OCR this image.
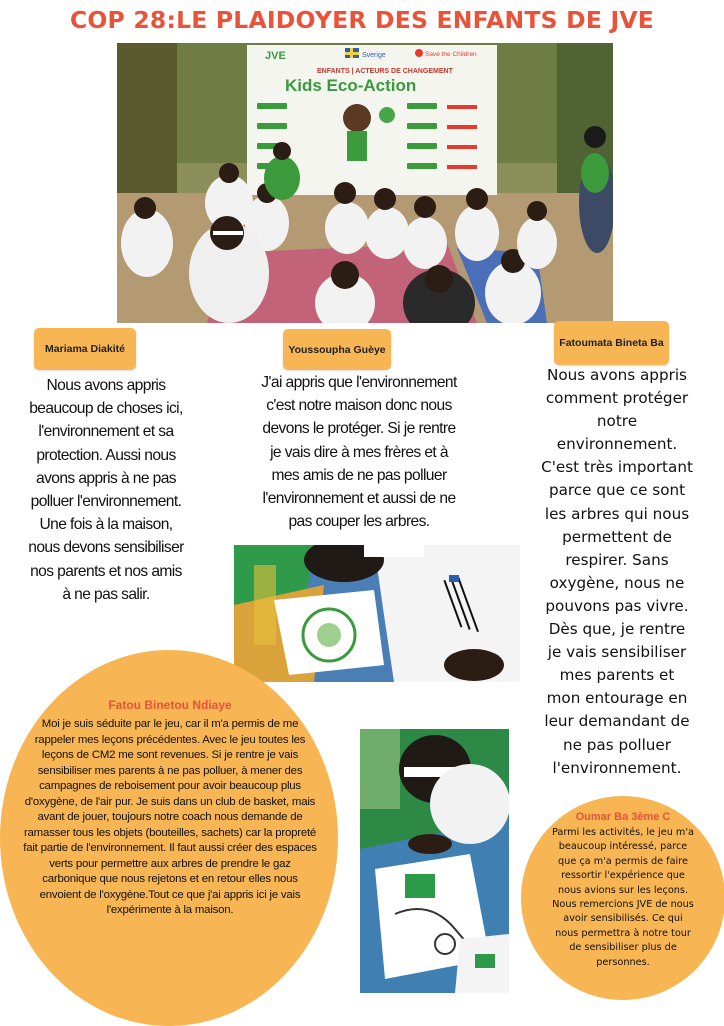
COP 28:LE PLAIDOYER DES ENFANTS DE JVE
JVE	Sverige	Save the Children
ENFANTS | ACTEURS DE CHANGEMENT
Kids Eco-Action
Mariama Diakité	Youssoupha Guèye
Fatoumata Bineta Ba
Nous avons appris
beaucoup de choses ici,
l'environnement et sa
protection. Aussi nous
avons appris à ne pas
polluer l'environnement.
Une fois à la maison,
nous devons sensibiliser
nos parents et nos amis
à ne pas salir.
J'ai appris que l'environnement
c'est notre maison donc nous
devons le protéger. Si je rentre
je vais dire à mes frères et à
mes amis de ne pas polluer
l'environnement et aussi de ne
pas couper les arbres.
Nous avons appris
comment protéger
notre
environnement.
C'est très important
parce que ce sont
les arbres qui nous
permettent de
respirer. Sans
oxygène, nous ne
pouvons pas vivre.
Dès que, je rentre
je vais sensibiliser
mes parents et
mon entourage en
leur demandant de
ne pas polluer
l'environnement.
Fatou Binetou Ndiaye
Moi je suis séduite par le jeu, car il m'a permis de me
rappeler mes leçons précédentes. Avec le jeu toutes les
leçons de CM2 me sont revenues. Si je rentre je vais
sensibiliser mes parents à ne pas polluer, à mener des
campagnes de reboisement pour avoir beaucoup plus
d'oxygène, de l'air pur. Je suis dans un club de basket, mais
avant de jouer, toujours notre coach nous demande de
ramasser tous les objets (bouteilles, sachets) car la propreté
fait partie de l'environnement. Il faut aussi créer des espaces
verts pour permettre aux arbres de prendre le gaz
carbonique que nous rejetons et en retour elles nous
envoient de l'oxygène.Tout ce que j'ai appris ici je vais
l'expérimente à la maison.
Oumar Ba 3ème C
Parmi les activités, le jeu m'a
beaucoup intéressé, parce
que ça m'a permis de faire
ressortir l'expérience que
nous avions sur les leçons.
Nous remercions JVE de nous
avoir sensibilisés. Ce qui
nous permettra à notre tour
de sensibiliser plus de
personnes.
